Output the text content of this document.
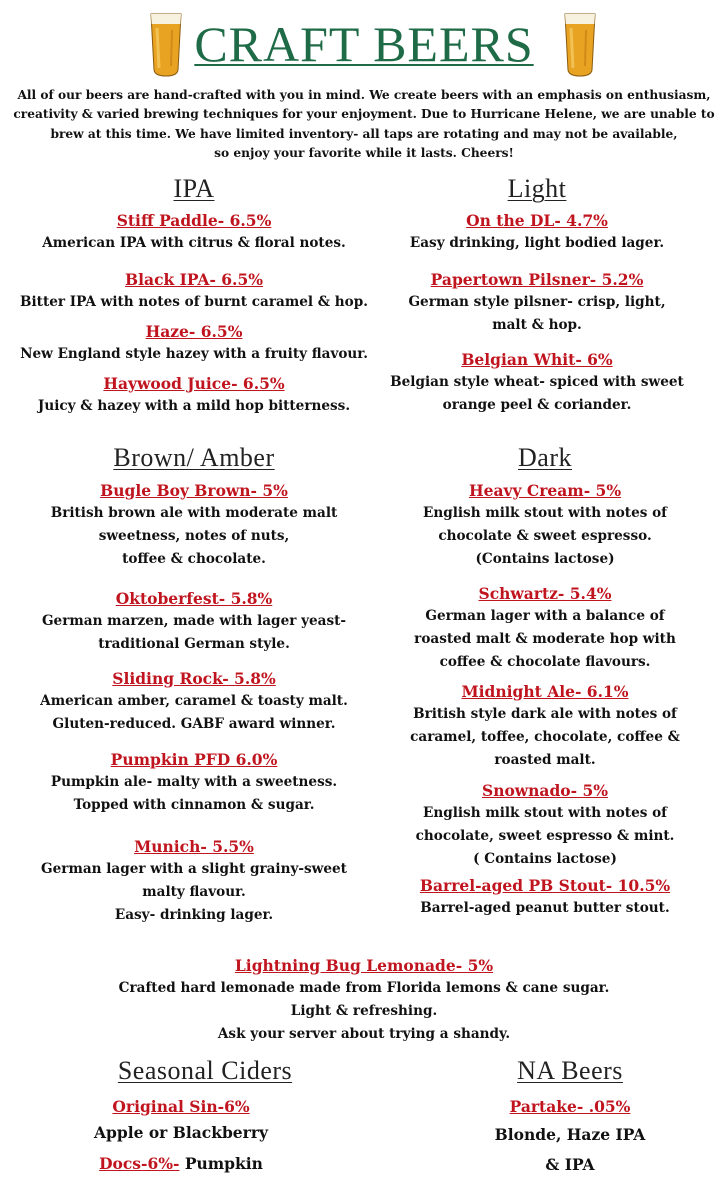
CRAFT BEERS
All of our beers are hand-crafted with you in mind. We create beers with an emphasis on enthusiasm,
creativity & varied brewing techniques for your enjoyment. Due to Hurricane Helene, we are unable to
brew at this time. We have limited inventory- all taps are rotating and may not be available,
so enjoy your favorite while it lasts. Cheers!
IPA
Stiff Paddle- 6.5%
American IPA with citrus & floral notes.
Black IPA- 6.5%
Bitter IPA with notes of burnt caramel & hop.
Haze- 6.5%
New England style hazey with a fruity flavour.
Haywood Juice- 6.5%
Juicy & hazey with a mild hop bitterness.
Light
On the DL- 4.7%
Easy drinking, light bodied lager.
Papertown Pilsner- 5.2%
German style pilsner- crisp, light,
malt & hop.
Belgian Whit- 6%
Belgian style wheat- spiced with sweet
orange peel & coriander.
Brown/ Amber
Bugle Boy Brown- 5%
British brown ale with moderate malt
sweetness, notes of nuts,
toffee & chocolate.
Oktoberfest- 5.8%
German marzen, made with lager yeast-
traditional German style.
Sliding Rock- 5.8%
American amber, caramel & toasty malt.
Gluten-reduced. GABF award winner.
Pumpkin PFD 6.0%
Pumpkin ale- malty with a sweetness.
Topped with cinnamon & sugar.
Munich- 5.5%
German lager with a slight grainy-sweet
malty flavour.
Easy- drinking lager.
Dark
Heavy Cream- 5%
English milk stout with notes of
chocolate & sweet espresso.
(Contains lactose)
Schwartz- 5.4%
German lager with a balance of
roasted malt & moderate hop with
coffee & chocolate flavours.
Midnight Ale- 6.1%
British style dark ale with notes of
caramel, toffee, chocolate, coffee &
roasted malt.
Snownado- 5%
English milk stout with notes of
chocolate, sweet espresso & mint.
( Contains lactose)
Barrel-aged PB Stout- 10.5%
Barrel-aged peanut butter stout.
Lightning Bug Lemonade- 5%
Crafted hard lemonade made from Florida lemons & cane sugar.
Light & refreshing.
Ask your server about trying a shandy.
Seasonal Ciders
Original Sin-6%
Apple or Blackberry
Docs-6%- Pumpkin
NA Beers
Partake- .05%
Blonde, Haze IPA
& IPA
